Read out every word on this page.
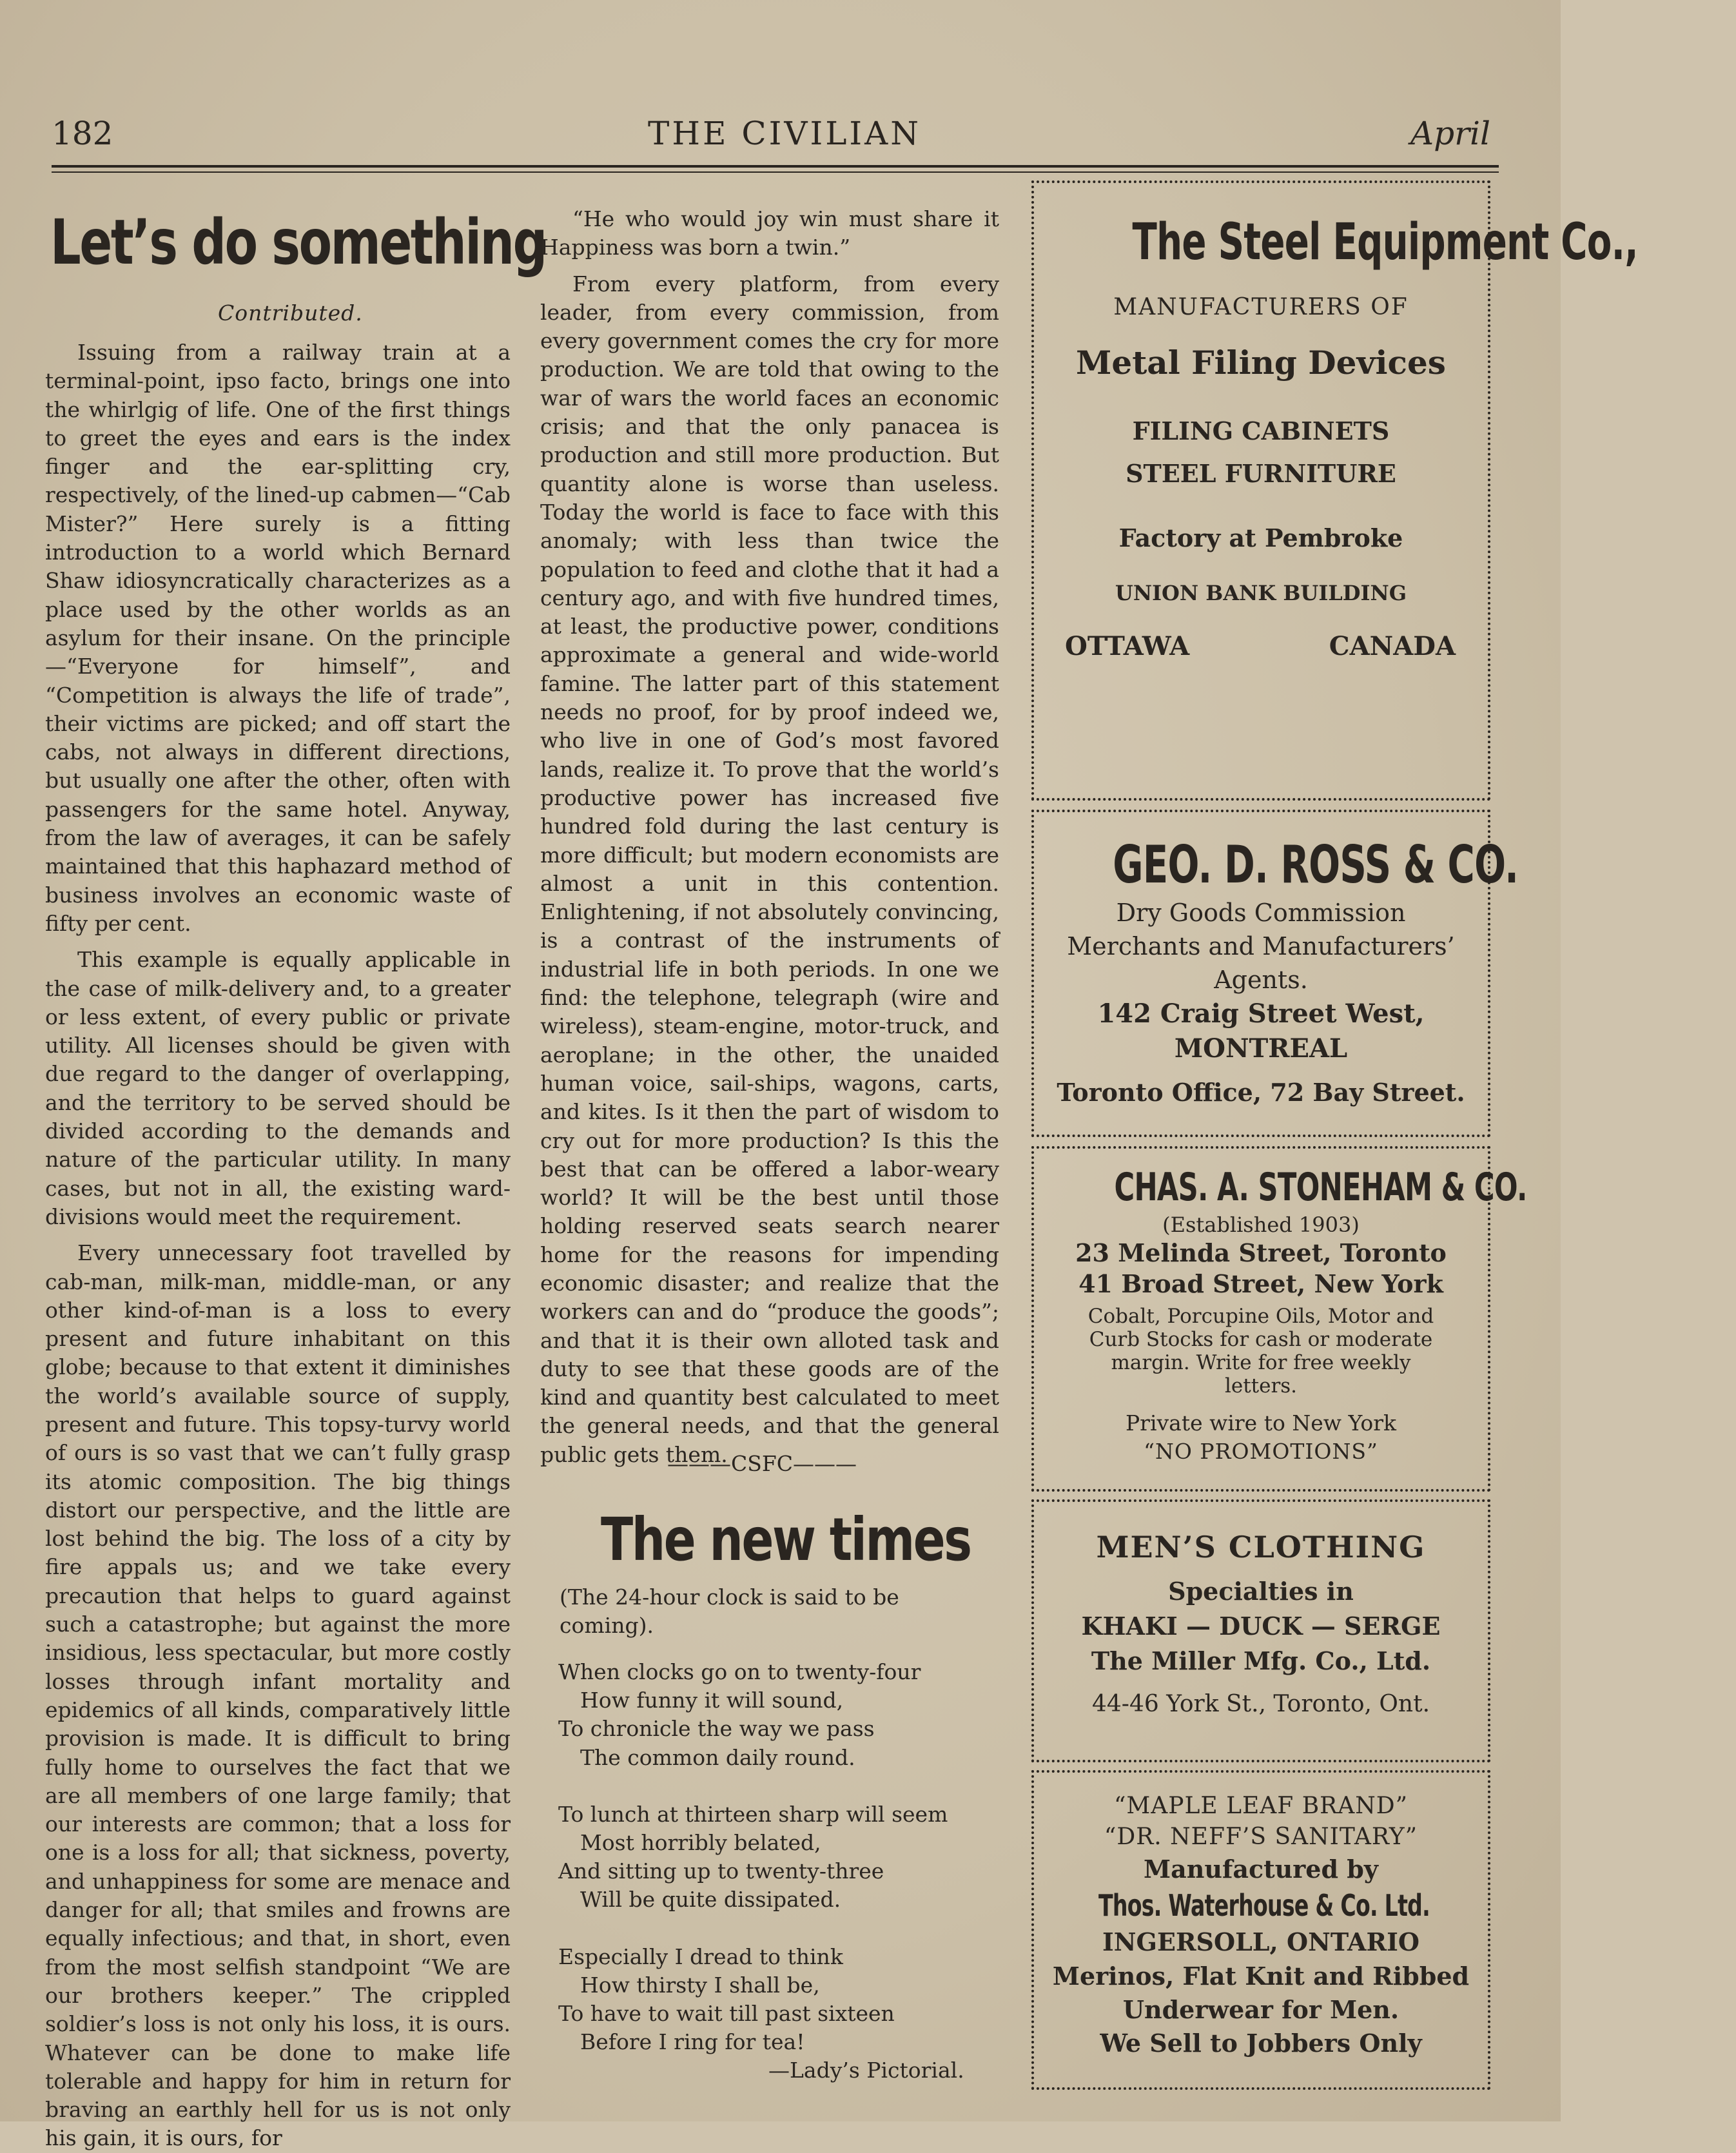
182	THE CIVILIAN	April
Let’s do something
Contributed.

Issuing from a railway train at a terminal-point, ipso facto, brings one into the whirlgig of life. One of the first things to greet the eyes and ears is the index finger and the ear-splitting cry, respectively, of the lined-up cabmen—“Cab Mister?” Here surely is a fitting introduction to a world which Bernard Shaw idiosyncratically characterizes as a place used by the other worlds as an asylum for their insane. On the principle—“Everyone for himself”, and “Competition is always the life of trade”, their victims are picked; and off start the cabs, not always in different directions, but usually one after the other, often with passengers for the same hotel. Anyway, from the law of averages, it can be safely maintained that this haphazard method of business involves an economic waste of fifty per cent.

This example is equally applicable in the case of milk-delivery and, to a greater or less extent, of every public or private utility. All licenses should be given with due regard to the danger of overlapping, and the territory to be served should be divided according to the demands and nature of the particular utility. In many cases, but not in all, the existing ward-divisions would meet the requirement.

Every unnecessary foot travelled by cab-man, milk-man, middle-man, or any other kind-of-man is a loss to every present and future inhabitant on this globe; because to that extent it diminishes the world’s available source of supply, present and future. This topsy-turvy world of ours is so vast that we can’t fully grasp its atomic composition. The big things distort our perspective, and the little are lost behind the big. The loss of a city by fire appals us; and we take every precaution that helps to guard against such a catastrophe; but against the more insidious, less spectacular, but more costly losses through infant mortality and epidemics of all kinds, comparatively little provision is made. It is difficult to bring fully home to ourselves the fact that we are all members of one large family; that our interests are common; that a loss for one is a loss for all; that sickness, poverty, and unhappiness for some are menace and danger for all; that smiles and frowns are equally infectious; and that, in short, even from the most selfish standpoint “We are our brothers keeper.” The crippled soldier’s loss is not only his loss, it is ours. Whatever can be done to make life tolerable and happy for him in return for braving an earthly hell for us is not only his gain, it is ours, for

“He who would joy win must share it Happiness was born a twin.”

From every platform, from every leader, from every commission, from every government comes the cry for more production. We are told that owing to the war of wars the world faces an economic crisis; and that the only panacea is production and still more production. But quantity alone is worse than useless. Today the world is face to face with this anomaly; with less than twice the population to feed and clothe that it had a century ago, and with five hundred times, at least, the productive power, conditions approximate a general and wide-world famine. The latter part of this statement needs no proof, for by proof indeed we, who live in one of God’s most favored lands, realize it. To prove that the world’s productive power has increased five hundred fold during the last century is more difficult; but modern economists are almost a unit in this contention. Enlightening, if not absolutely convincing, is a contrast of the instruments of industrial life in both periods. In one we find: the telephone, telegraph (wire and wireless), steam-engine, motor-truck, and aeroplane; in the other, the unaided human voice, sail-ships, wagons, carts, and kites. Is it then the part of wisdom to cry out for more production? Is this the best that can be offered a labor-weary world? It will be the best until those holding reserved seats search nearer home for the reasons for impending economic disaster; and realize that the workers can and do “produce the goods”; and that it is their own alloted task and duty to see that these goods are of the kind and quantity best calculated to meet the general needs, and that the general public gets them.

———CSFC———
The new times
(The 24-hour clock is said to be coming).
When clocks go on to twenty-four
How funny it will sound,
To chronicle the way we pass
The common daily round.
To lunch at thirteen sharp will seem
Most horribly belated,
And sitting up to twenty-three
Will be quite dissipated.
Especially I dread to think
How thirsty I shall be,
To have to wait till past sixteen
Before I ring for tea!
—Lady’s Pictorial.
The Steel Equipment Co.,
MANUFACTURERS OF
Metal Filing Devices
FILING CABINETS
STEEL FURNITURE
Factory at Pembroke
UNION BANK BUILDING
OTTAWA	CANADA
GEO. D. ROSS & CO.
Dry Goods Commission
Merchants and Manufacturers’
Agents.
142 Craig Street West,
MONTREAL
Toronto Office, 72 Bay Street.
CHAS. A. STONEHAM & CO.
(Established 1903)
23 Melinda Street, Toronto
41 Broad Street, New York
Cobalt, Porcupine Oils, Motor and
Curb Stocks for cash or moderate
margin. Write for free weekly
letters.
Private wire to New York
“NO PROMOTIONS”
MEN’S CLOTHING
Specialties in
KHAKI — DUCK — SERGE
The Miller Mfg. Co., Ltd.
44-46 York St., Toronto, Ont.
“MAPLE LEAF BRAND”
“DR. NEFF’S SANITARY”
Manufactured by
Thos. Waterhouse & Co. Ltd.
INGERSOLL, ONTARIO
Merinos, Flat Knit and Ribbed
Underwear for Men.
We Sell to Jobbers Only
